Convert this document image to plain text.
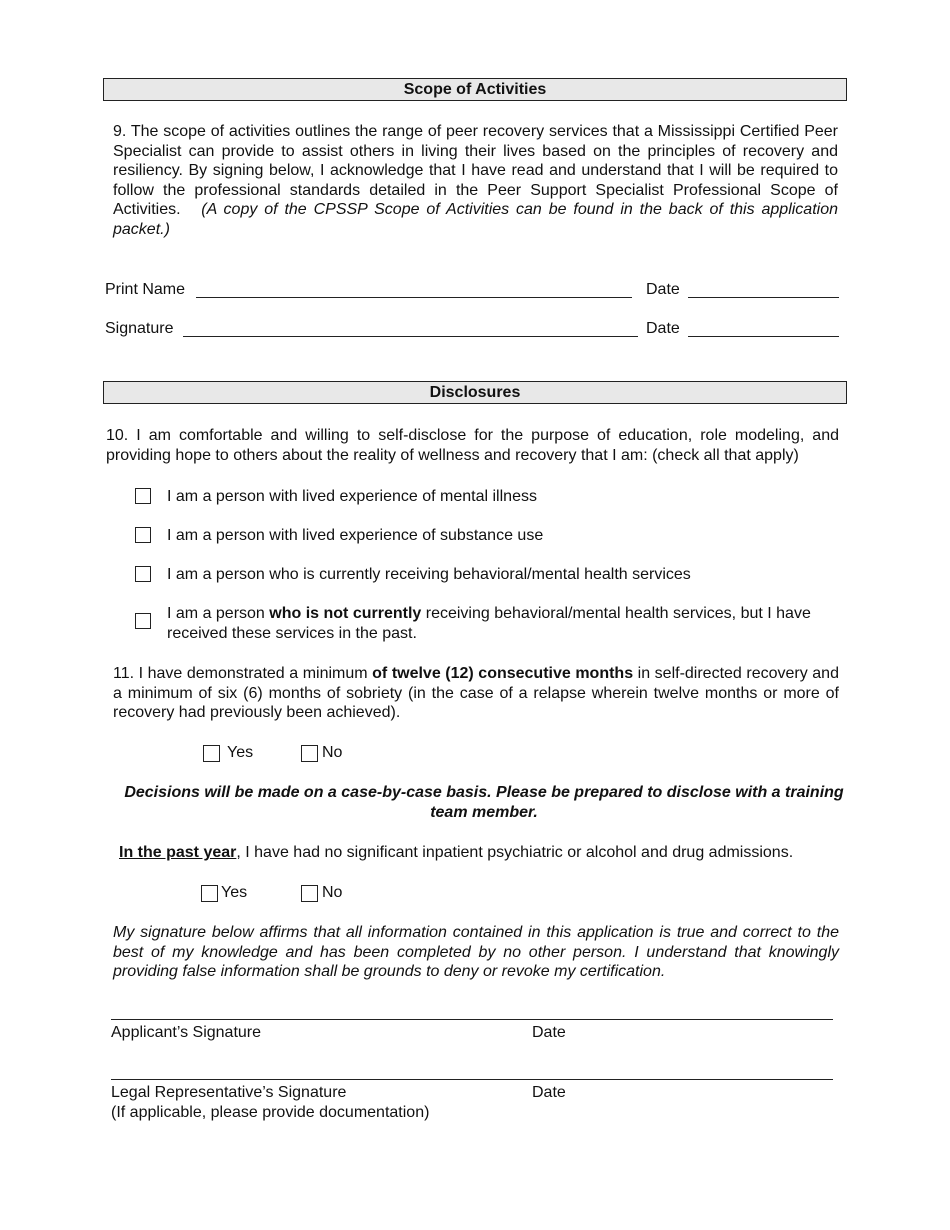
Scope of Activities
9. The scope of activities outlines the range of peer recovery services that a Mississippi Certified Peer Specialist can provide to assist others in living their lives based on the principles of recovery and resiliency. By signing below, I acknowledge that I have read and understand that I will be required to follow the professional standards detailed in the Peer Support Specialist Professional Scope of Activities. (A copy of the CPSSP Scope of Activities can be found in the back of this application packet.)
Print Name	Date
Signature	Date
Disclosures
10. I am comfortable and willing to self-disclose for the purpose of education, role modeling, and providing hope to others about the reality of wellness and recovery that I am: (check all that apply)
I am a person with lived experience of mental illness
I am a person with lived experience of substance use
I am a person who is currently receiving behavioral/mental health services
I am a person who is not currently receiving behavioral/mental health services, but I have received these services in the past.
11. I have demonstrated a minimum of twelve (12) consecutive months in self-directed recovery and a minimum of six (6) months of sobriety (in the case of a relapse wherein twelve months or more of recovery had previously been achieved).
Yes	No
Decisions will be made on a case-by-case basis. Please be prepared to disclose with a training team member.
In the past year, I have had no significant inpatient psychiatric or alcohol and drug admissions.
Yes	No
My signature below affirms that all information contained in this application is true and correct to the best of my knowledge and has been completed by no other person. I understand that knowingly providing false information shall be grounds to deny or revoke my certification.
Applicant’s Signature	Date
Legal Representative’s Signature	Date
(If applicable, please provide documentation)
